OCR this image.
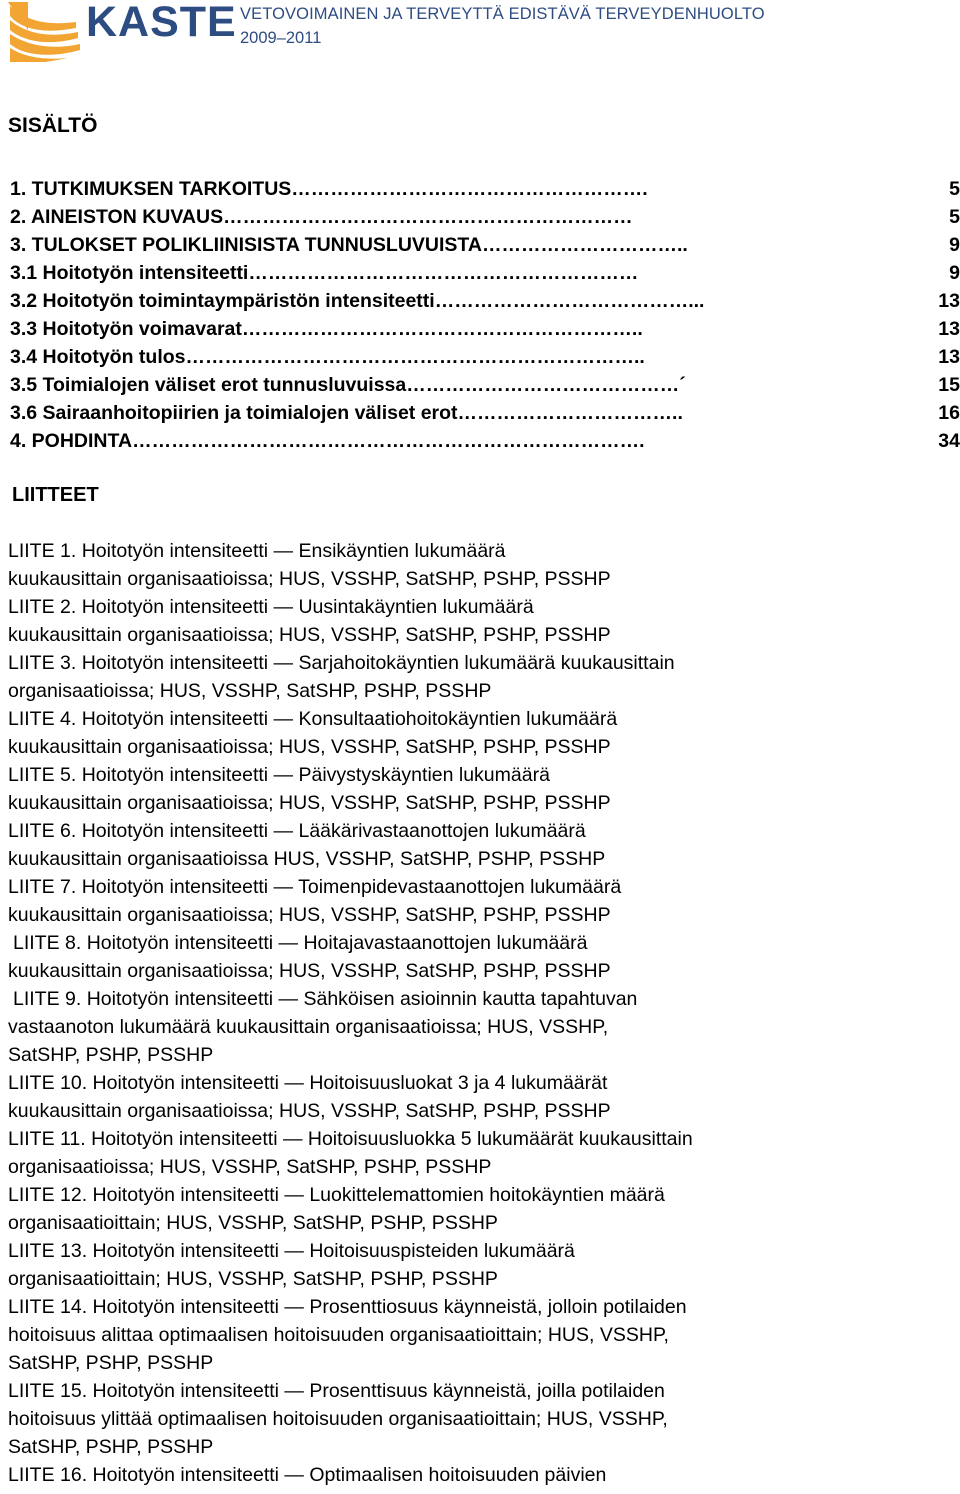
KASTE VETOVOIMAINEN JA TERVEYTTÄ EDISTÄVÄ TERVEYDENHUOLTO
2009–2011
SISÄLTÖ
1. TUTKIMUKSEN TARKOITUS……………………………………………….	5
2. AINEISTON KUVAUS………………………………………………………	5
3. TULOKSET POLIKLIINISISTA TUNNUSLUVUISTA…………………………..	9
3.1 Hoitotyön intensiteetti……………………………………………………	9
3.2 Hoitotyön toimintaympäristön intensiteetti…………………………………...	13
3.3 Hoitotyön voimavarat……………………………………………………..	13
3.4 Hoitotyön tulos……………………………………………………………..	13
3.5 Toimialojen väliset erot tunnusluvuissa……………………………………´	15
3.6 Sairaanhoitopiirien ja toimialojen väliset erot……………………………..	16
4. POHDINTA…………………………………………………………………….	34
LIITTEET
LIITE 1. Hoitotyön intensiteetti — Ensikäyntien lukumäärä
kuukausittain organisaatioissa; HUS, VSSHP, SatSHP, PSHP, PSSHP
LIITE 2. Hoitotyön intensiteetti — Uusintakäyntien lukumäärä
kuukausittain organisaatioissa; HUS, VSSHP, SatSHP, PSHP, PSSHP
LIITE 3. Hoitotyön intensiteetti — Sarjahoitokäyntien lukumäärä kuukausittain
organisaatioissa; HUS, VSSHP, SatSHP, PSHP, PSSHP
LIITE 4. Hoitotyön intensiteetti — Konsultaatiohoitokäyntien lukumäärä
kuukausittain organisaatioissa; HUS, VSSHP, SatSHP, PSHP, PSSHP
LIITE 5. Hoitotyön intensiteetti — Päivystyskäyntien lukumäärä
kuukausittain organisaatioissa; HUS, VSSHP, SatSHP, PSHP, PSSHP
LIITE 6. Hoitotyön intensiteetti — Lääkärivastaanottojen lukumäärä
kuukausittain organisaatioissa HUS, VSSHP, SatSHP, PSHP, PSSHP
LIITE 7. Hoitotyön intensiteetti — Toimenpidevastaanottojen lukumäärä
kuukausittain organisaatioissa; HUS, VSSHP, SatSHP, PSHP, PSSHP
LIITE 8. Hoitotyön intensiteetti — Hoitajavastaanottojen lukumäärä
kuukausittain organisaatioissa; HUS, VSSHP, SatSHP, PSHP, PSSHP
LIITE 9. Hoitotyön intensiteetti — Sähköisen asioinnin kautta tapahtuvan
vastaanoton lukumäärä kuukausittain organisaatioissa; HUS, VSSHP,
SatSHP, PSHP, PSSHP
LIITE 10. Hoitotyön intensiteetti — Hoitoisuusluokat 3 ja 4 lukumäärät
kuukausittain organisaatioissa; HUS, VSSHP, SatSHP, PSHP, PSSHP
LIITE 11. Hoitotyön intensiteetti — Hoitoisuusluokka 5 lukumäärät kuukausittain
organisaatioissa; HUS, VSSHP, SatSHP, PSHP, PSSHP
LIITE 12. Hoitotyön intensiteetti — Luokittelemattomien hoitokäyntien määrä
organisaatioittain; HUS, VSSHP, SatSHP, PSHP, PSSHP
LIITE 13. Hoitotyön intensiteetti — Hoitoisuuspisteiden lukumäärä
organisaatioittain; HUS, VSSHP, SatSHP, PSHP, PSSHP
LIITE 14. Hoitotyön intensiteetti — Prosenttiosuus käynneistä, jolloin potilaiden
hoitoisuus alittaa optimaalisen hoitoisuuden organisaatioittain; HUS, VSSHP,
SatSHP, PSHP, PSSHP
LIITE 15. Hoitotyön intensiteetti — Prosenttisuus käynneistä, joilla potilaiden
hoitoisuus ylittää optimaalisen hoitoisuuden organisaatioittain; HUS, VSSHP,
SatSHP, PSHP, PSSHP
LIITE 16. Hoitotyön intensiteetti — Optimaalisen hoitoisuuden päivien
